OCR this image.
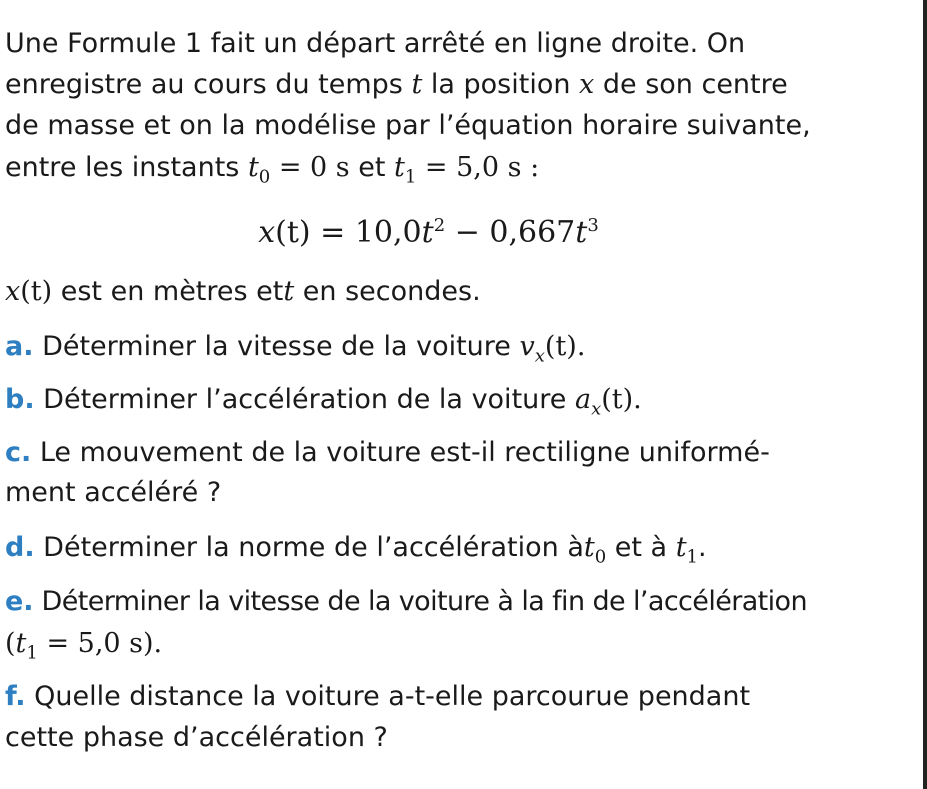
Une Formule 1 fait un départ arrêté en ligne droite. On
enregistre au cours du temps t la position x de son centre
de masse et on la modélise par l’équation horaire suivante,
entre les instants $t_0 = 0$ s et $t_1 = 5,0$ s :
$x(t) = 10,0t^2 - 0,667t^3$
x(t) est en mètres ett en secondes.
a. Déterminer la vitesse de la voiture $v_x(t)$.
b. Déterminer l’accélération de la voiture $a_x(t)$.
c. Le mouvement de la voiture est-il rectiligne uniformé-
ment accéléré ?
d. Déterminer la norme de l’accélération $àt_0$ et à $t_1$.
e. Déterminer la vitesse de la voiture à la fin de l’accélération
($t_1 = 5,0$ s).
f. Quelle distance la voiture a-t-elle parcourue pendant
cette phase d’accélération ?
